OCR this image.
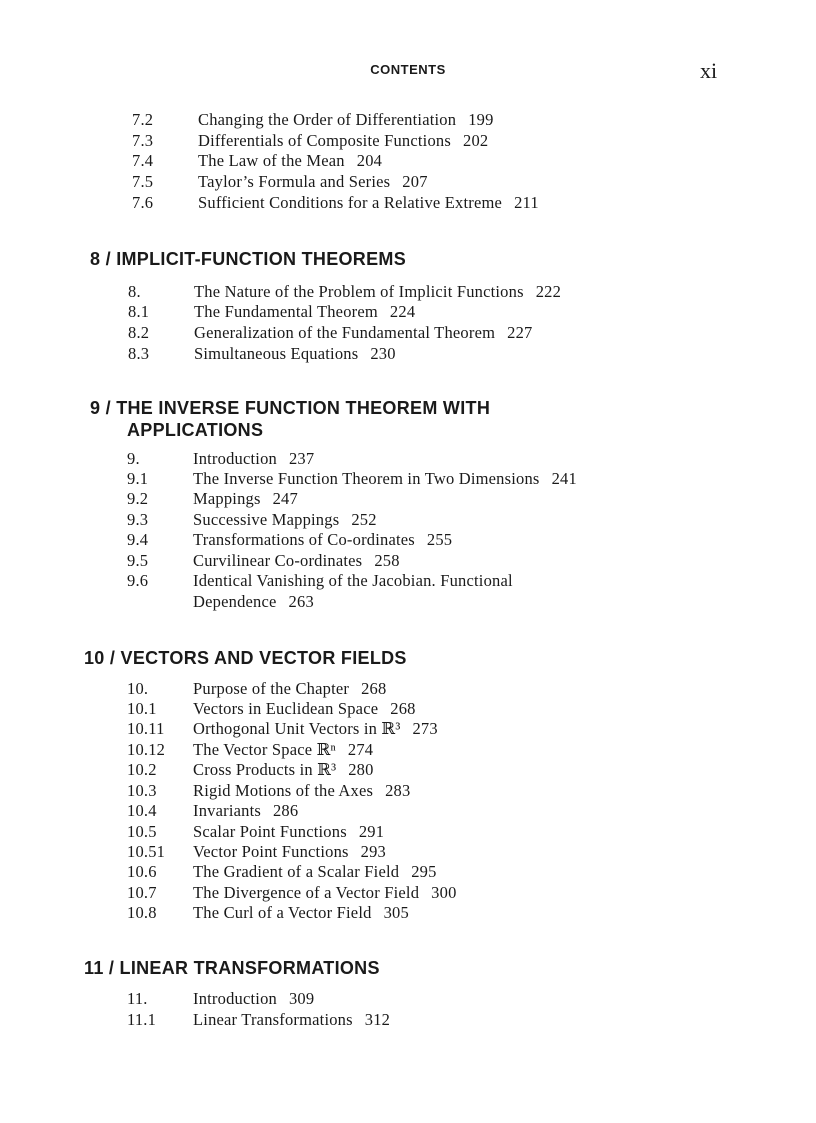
CONTENTS	xi
7.2	Changing the Order of Differentiation 199
7.3	Differentials of Composite Functions 202
7.4	The Law of the Mean 204
7.5	Taylor’s Formula and Series 207
7.6	Sufficient Conditions for a Relative Extreme 211
8 / IMPLICIT-FUNCTION THEOREMS
8.	The Nature of the Problem of Implicit Functions 222
8.1	The Fundamental Theorem 224
8.2	Generalization of the Fundamental Theorem 227
8.3	Simultaneous Equations 230
9 / THE INVERSE FUNCTION THEOREM WITH
APPLICATIONS
9.	Introduction 237
9.1	The Inverse Function Theorem in Two Dimensions 241
9.2	Mappings 247
9.3	Successive Mappings 252
9.4	Transformations of Co-ordinates 255
9.5	Curvilinear Co-ordinates 258
9.6	Identical Vanishing of the Jacobian. Functional
Dependence 263
10 / VECTORS AND VECTOR FIELDS
10.	Purpose of the Chapter 268
10.1 Vectors in Euclidean Space 268
10.11 Orthogonal Unit Vectors in ℝ³ 273
10.12 The Vector Space ℝⁿ 274
10.2 Cross Products in ℝ³ 280
10.3 Rigid Motions of the Axes 283
10.4 Invariants 286
10.5 Scalar Point Functions 291
10.51 Vector Point Functions 293
10.6 The Gradient of a Scalar Field 295
10.7 The Divergence of a Vector Field 300
10.8 The Curl of a Vector Field 305
11 / LINEAR TRANSFORMATIONS
11.	Introduction 309
11.1 Linear Transformations 312
